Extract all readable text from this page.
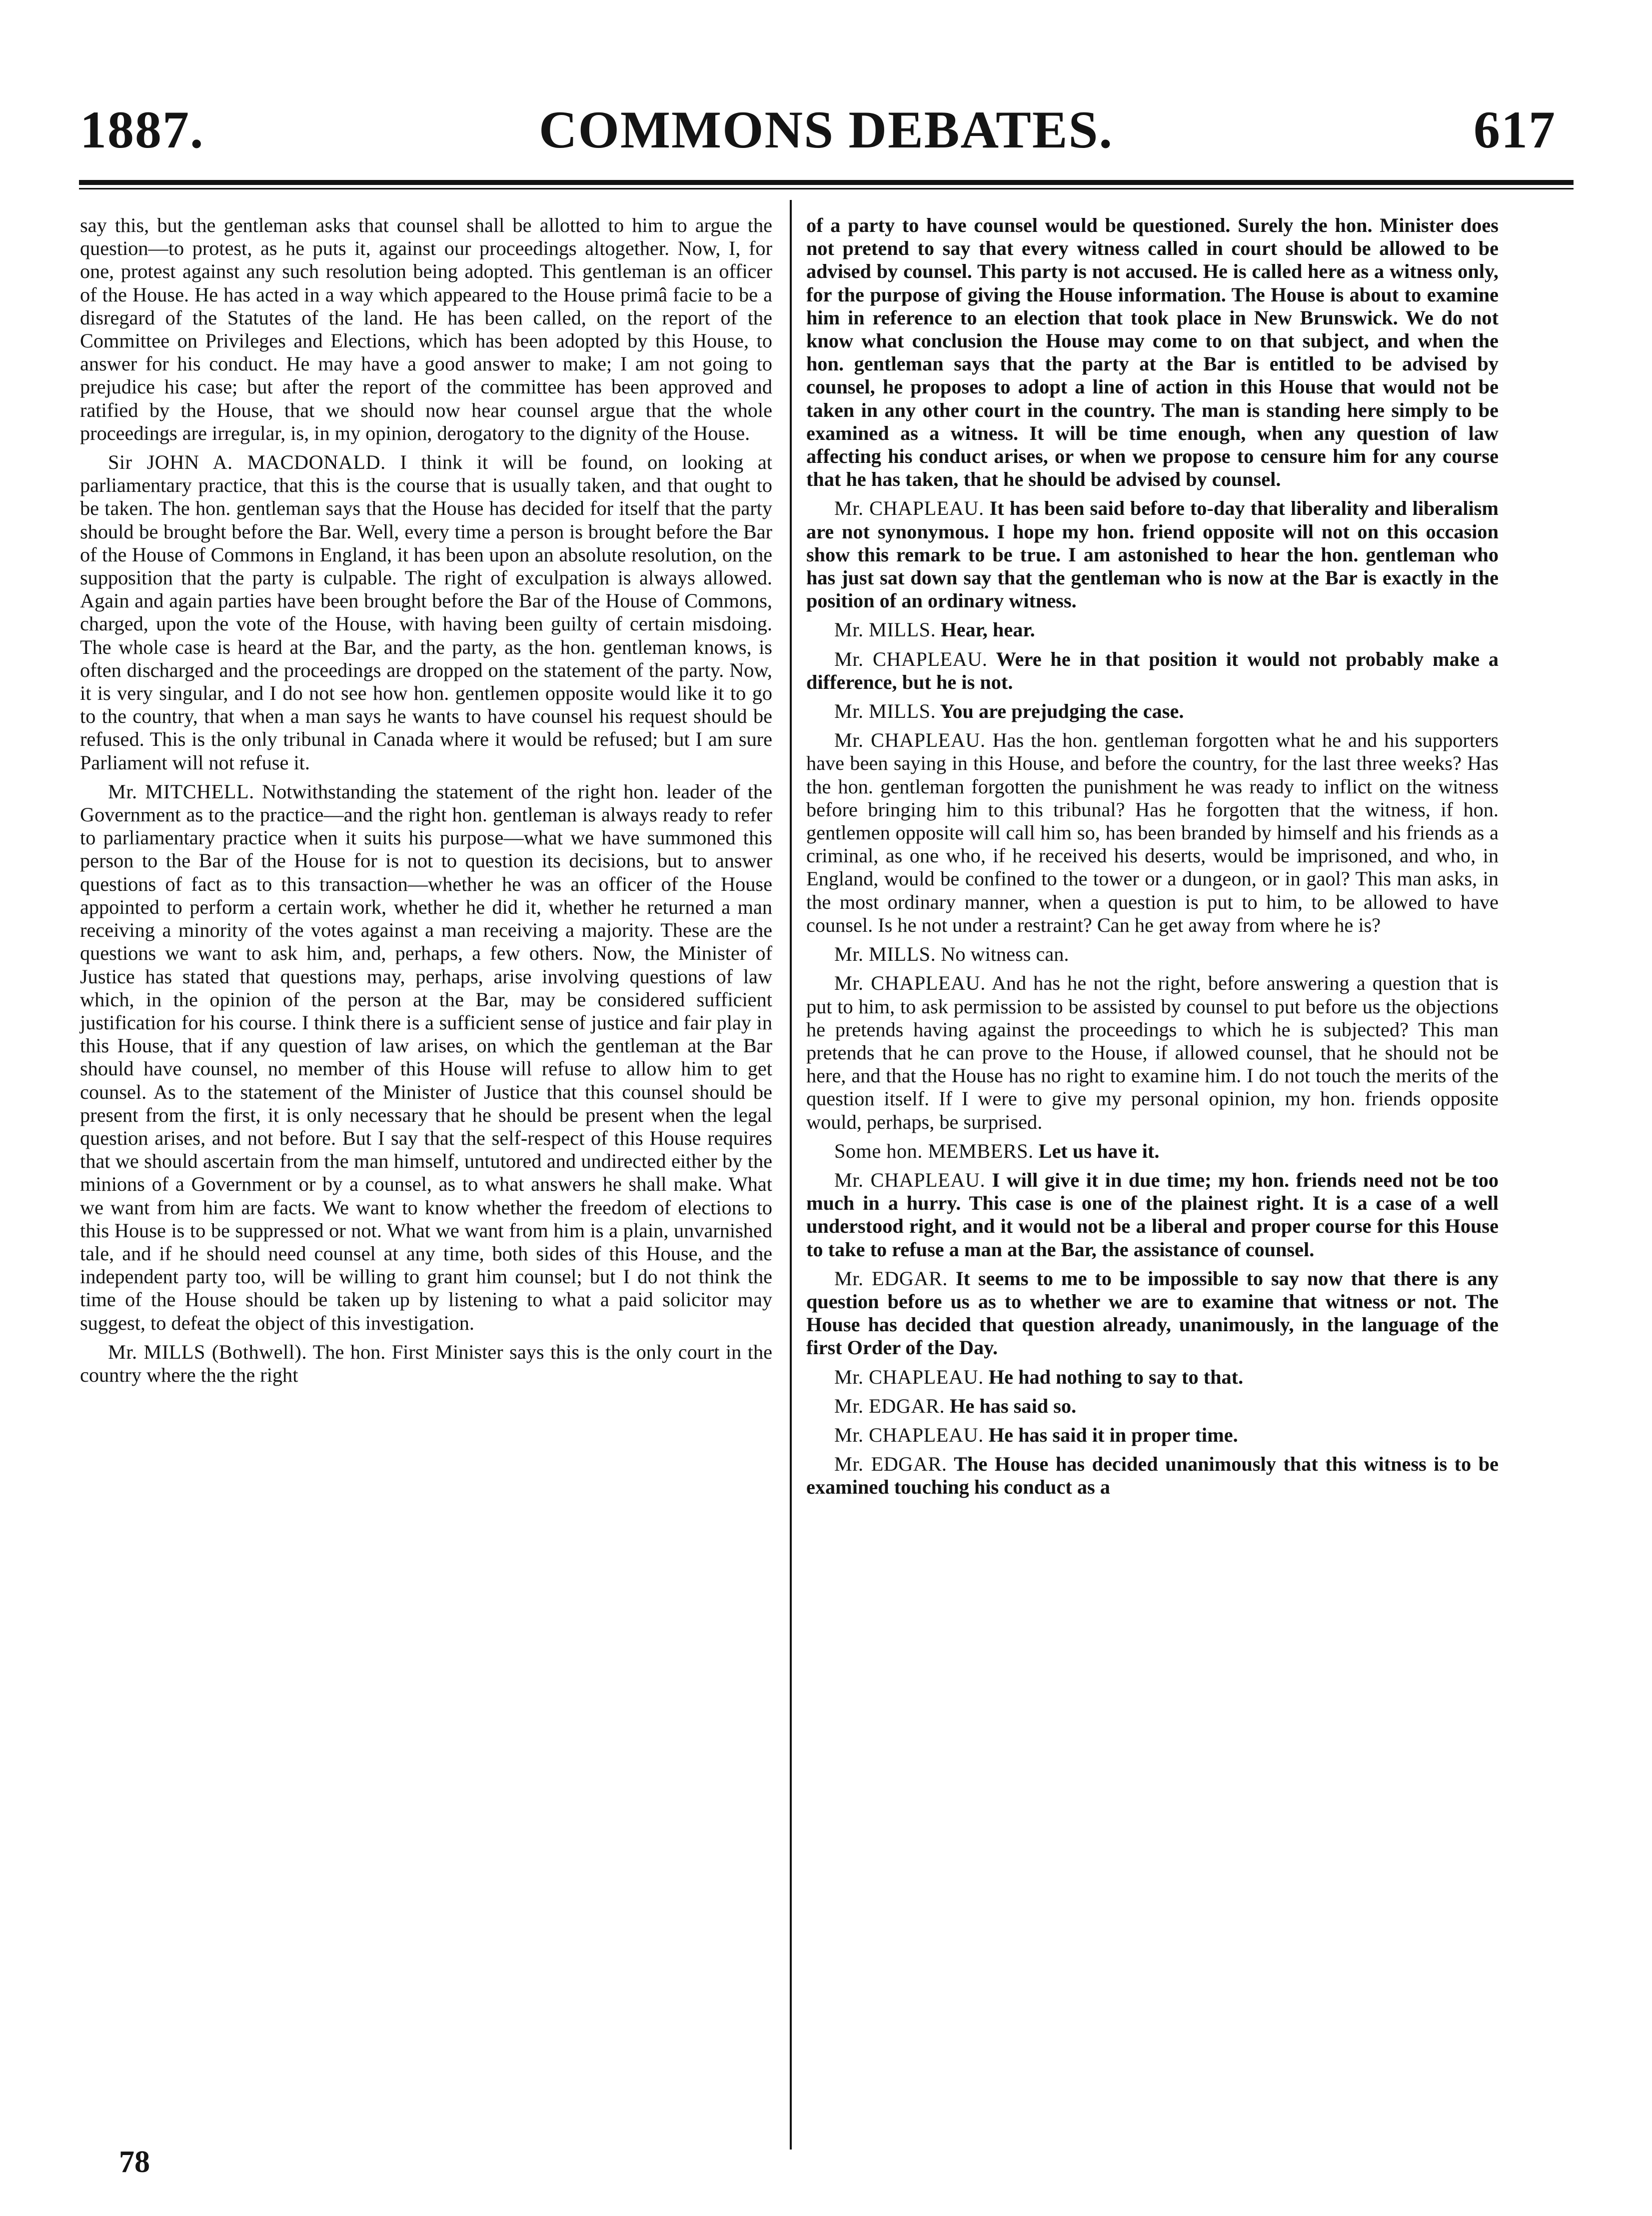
1887.	COMMONS DEBATES.	617

say this, but the gentleman asks that counsel shall be allotted to him to argue the question—to protest, as he puts it, against our proceedings altogether. Now, I, for one, protest against any such resolution being adopted. This gentleman is an officer of the House. He has acted in a way which appeared to the House primâ facie to be a disregard of the Statutes of the land. He has been called, on the report of the Committee on Privileges and Elections, which has been adopted by this House, to answer for his conduct. He may have a good answer to make; I am not going to prejudice his case; but after the report of the committee has been approved and ratified by the House, that we should now hear counsel argue that the whole proceedings are irregular, is, in my opinion, derogatory to the dignity of the House.

Sir JOHN A. MACDONALD. I think it will be found, on looking at parliamentary practice, that this is the course that is usually taken, and that ought to be taken. The hon. gentleman says that the House has decided for itself that the party should be brought before the Bar. Well, every time a person is brought before the Bar of the House of Commons in England, it has been upon an absolute resolution, on the supposition that the party is culpable. The right of exculpation is always allowed. Again and again parties have been brought before the Bar of the House of Commons, charged, upon the vote of the House, with having been guilty of certain misdoing. The whole case is heard at the Bar, and the party, as the hon. gentleman knows, is often discharged and the proceedings are dropped on the statement of the party. Now, it is very singular, and I do not see how hon. gentlemen opposite would like it to go to the country, that when a man says he wants to have counsel his request should be refused. This is the only tribunal in Canada where it would be refused; but I am sure Parliament will not refuse it.

Mr. MITCHELL. Notwithstanding the statement of the right hon. leader of the Government as to the practice—and the right hon. gentleman is always ready to refer to parliamentary practice when it suits his purpose—what we have summoned this person to the Bar of the House for is not to question its decisions, but to answer questions of fact as to this transaction—whether he was an officer of the House appointed to perform a certain work, whether he did it, whether he returned a man receiving a minority of the votes against a man receiving a majority. These are the questions we want to ask him, and, perhaps, a few others. Now, the Minister of Justice has stated that questions may, perhaps, arise involving questions of law which, in the opinion of the person at the Bar, may be considered sufficient justification for his course. I think there is a sufficient sense of justice and fair play in this House, that if any question of law arises, on which the gentleman at the Bar should have counsel, no member of this House will refuse to allow him to get counsel. As to the statement of the Minister of Justice that this counsel should be present from the first, it is only necessary that he should be present when the legal question arises, and not before. But I say that the self-respect of this House requires that we should ascertain from the man himself, untutored and undirected either by the minions of a Government or by a counsel, as to what answers he shall make. What we want from him are facts. We want to know whether the freedom of elections to this House is to be suppressed or not. What we want from him is a plain, unvarnished tale, and if he should need counsel at any time, both sides of this House, and the independent party too, will be willing to grant him counsel; but I do not think the time of the House should be taken up by listening to what a paid solicitor may suggest, to defeat the object of this investigation.

Mr. MILLS (Bothwell). The hon. First Minister says this is the only court in the country where the the right

of a party to have counsel would be questioned. Surely the hon. Minister does not pretend to say that every witness called in court should be allowed to be advised by counsel. This party is not accused. He is called here as a witness only, for the purpose of giving the House information. The House is about to examine him in reference to an election that took place in New Brunswick. We do not know what conclusion the House may come to on that subject, and when the hon. gentleman says that the party at the Bar is entitled to be advised by counsel, he proposes to adopt a line of action in this House that would not be taken in any other court in the country. The man is standing here simply to be examined as a witness. It will be time enough, when any question of law affecting his conduct arises, or when we propose to censure him for any course that he has taken, that he should be advised by counsel.

Mr. CHAPLEAU. It has been said before to-day that liberality and liberalism are not synonymous. I hope my hon. friend opposite will not on this occasion show this remark to be true. I am astonished to hear the hon. gentleman who has just sat down say that the gentleman who is now at the Bar is exactly in the position of an ordinary witness.

Mr. MILLS. Hear, hear.

Mr. CHAPLEAU. Were he in that position it would not probably make a difference, but he is not.

Mr. MILLS. You are prejudging the case.

Mr. CHAPLEAU. Has the hon. gentleman forgotten what he and his supporters have been saying in this House, and before the country, for the last three weeks? Has the hon. gentleman forgotten the punishment he was ready to inflict on the witness before bringing him to this tribunal? Has he forgotten that the witness, if hon. gentlemen opposite will call him so, has been branded by himself and his friends as a criminal, as one who, if he received his deserts, would be imprisoned, and who, in England, would be confined to the tower or a dungeon, or in gaol? This man asks, in the most ordinary manner, when a question is put to him, to be allowed to have counsel. Is he not under a restraint? Can he get away from where he is?

Mr. MILLS. No witness can.

Mr. CHAPLEAU. And has he not the right, before answering a question that is put to him, to ask permission to be assisted by counsel to put before us the objections he pretends having against the proceedings to which he is subjected? This man pretends that he can prove to the House, if allowed counsel, that he should not be here, and that the House has no right to examine him. I do not touch the merits of the question itself. If I were to give my personal opinion, my hon. friends opposite would, perhaps, be surprised.

Some hon. MEMBERS. Let us have it.

Mr. CHAPLEAU. I will give it in due time; my hon. friends need not be too much in a hurry. This case is one of the plainest right. It is a case of a well understood right, and it would not be a liberal and proper course for this House to take to refuse a man at the Bar, the assistance of counsel.

Mr. EDGAR. It seems to me to be impossible to say now that there is any question before us as to whether we are to examine that witness or not. The House has decided that question already, unanimously, in the language of the first Order of the Day.

Mr. CHAPLEAU. He had nothing to say to that.

Mr. EDGAR. He has said so.

Mr. CHAPLEAU. He has said it in proper time.

Mr. EDGAR. The House has decided unanimously that this witness is to be examined touching his conduct as a

78
